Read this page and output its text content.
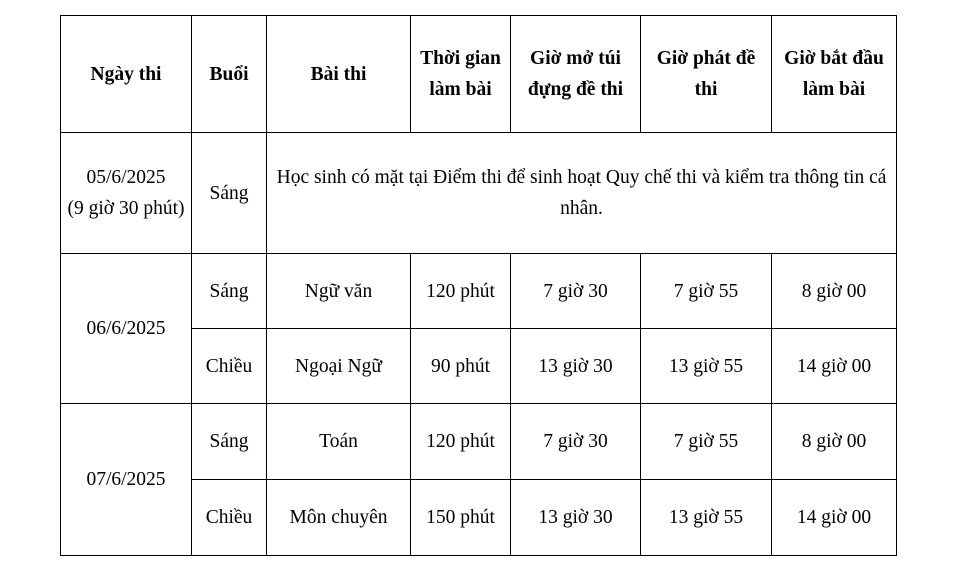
Ngày thi	Buổi	Bài thi	Thời gian làm bài	Giờ mở túi đựng đề thi	Giờ phát đề thi	Giờ bắt đầu làm bài

05/6/2025
(9 giờ 30 phút)	Sáng	Học sinh có mặt tại Điểm thi để sinh hoạt Quy chế thi và kiểm tra thông tin cá nhân.				
06/6/2025	Sáng	Ngữ văn	120 phút	7 giờ 30	7 giờ 55	8 giờ 00
	Chiều	Ngoại Ngữ	90 phút	13 giờ 30	13 giờ 55	14 giờ 00
07/6/2025	Sáng	Toán	120 phút	7 giờ 30	7 giờ 55	8 giờ 00
	Chiều	Môn chuyên	150 phút	13 giờ 30	13 giờ 55	14 giờ 00
